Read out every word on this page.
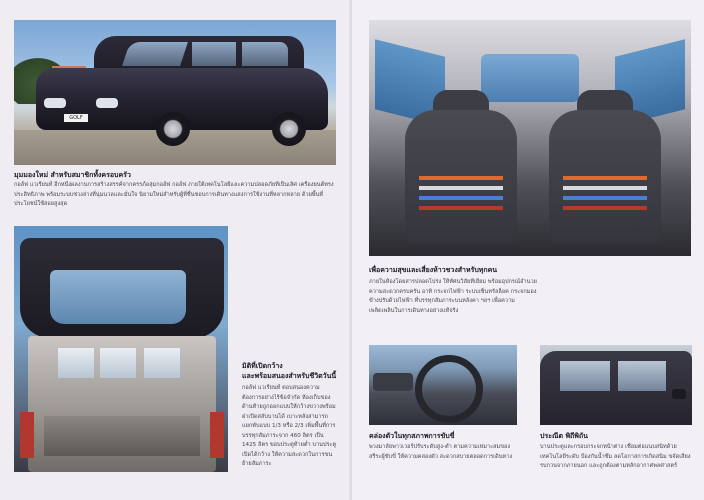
GOLF
มุมมองใหม่ สำหรับสมาชิกทั้งครอบครัว
กอล์ฟ แวเรียนท์ อีกหนึ่งผลงานการสร้างสรรค์จากครรภ์อลุ่มกอล์ฟ กอล์ฟ ภายใต้เทคโนโลยีและความปลอดภัยที่เป็นเลิศ เครื่องยนต์ทรงประสิทธิภาพ พร้อมระบบช่วงล่างที่นุ่มนวลและมั่นใจ นิยามใหม่สำหรับผู้ที่ชื่นชอบการเดินทางแสงการใช้งานที่หลากหลาย ด้วยพื้นที่ประโยชน์ใช้สอยสูงสุด
มิติที่เปิดกว้าง
และพร้อมสนองสำหรับชีวิตวันนี้
กอล์ฟ แวเรียนท์ ตอบสนองความต้องการอย่างไร้ข้อจำกัด ห้องเก็บของด้านท้ายถูกออกแบบให้กว้างขวางพร้อมฝาเปิดสลับบานได้ เบาะหลังสามารถแยกพับแบบ 1/3 หรือ 2/3 เพิ่มพื้นที่การบรรทุกสัมภาระจาก 460 ลิตร เป็น 1425 ลิตร ขอบประตูท้ายต่ำ บานประตูเปิดได้กว้าง ให้ความสะดวกในการขนย้ายสัมภาระ
เพื่อความสุขและเสี่ยงห้าวชวงสำหรับทุกคน
ภายในห้องโดยสารปลอดโปร่ง ให้ทัศนวิสัยที่เยี่ยม พร้อมอุปกรณ์อำนวยความสะดวกครบครัน อาทิ กระจกไฟฟ้า ระบบเซ็นทรัลล็อค กระจกมองข้างปรับด้วยไฟฟ้า ที่บรรทุกสัมภาระบนหลังคา ฯลฯ เพื่อความเพลิดเพลินในการเดินทางอย่างแท้จริง
คล่องตัวในทุกสภาพการขับขี่
พวงมาลัยพาวเวอร์ปรับระดับสูง-ต่ำ ตามความเหมาะสมของสรีระผู้ขับขี่ ให้ความคล่องตัว สะดวกสบายตลอดการเดินทาง
ประณีต พิถีพิถัน
บานประตูและกรอบกระจกหน้าต่าง เชื่อมต่อแนบสนิทด้วยเทคโนโลยีระดับ ป้องกันน้ำซึม ลดโอกาสการเกิดสนิม ขจัดเสียงรบกวนจากภายนอก และถูกต้องตามหลักอากาศพลศาสตร์
